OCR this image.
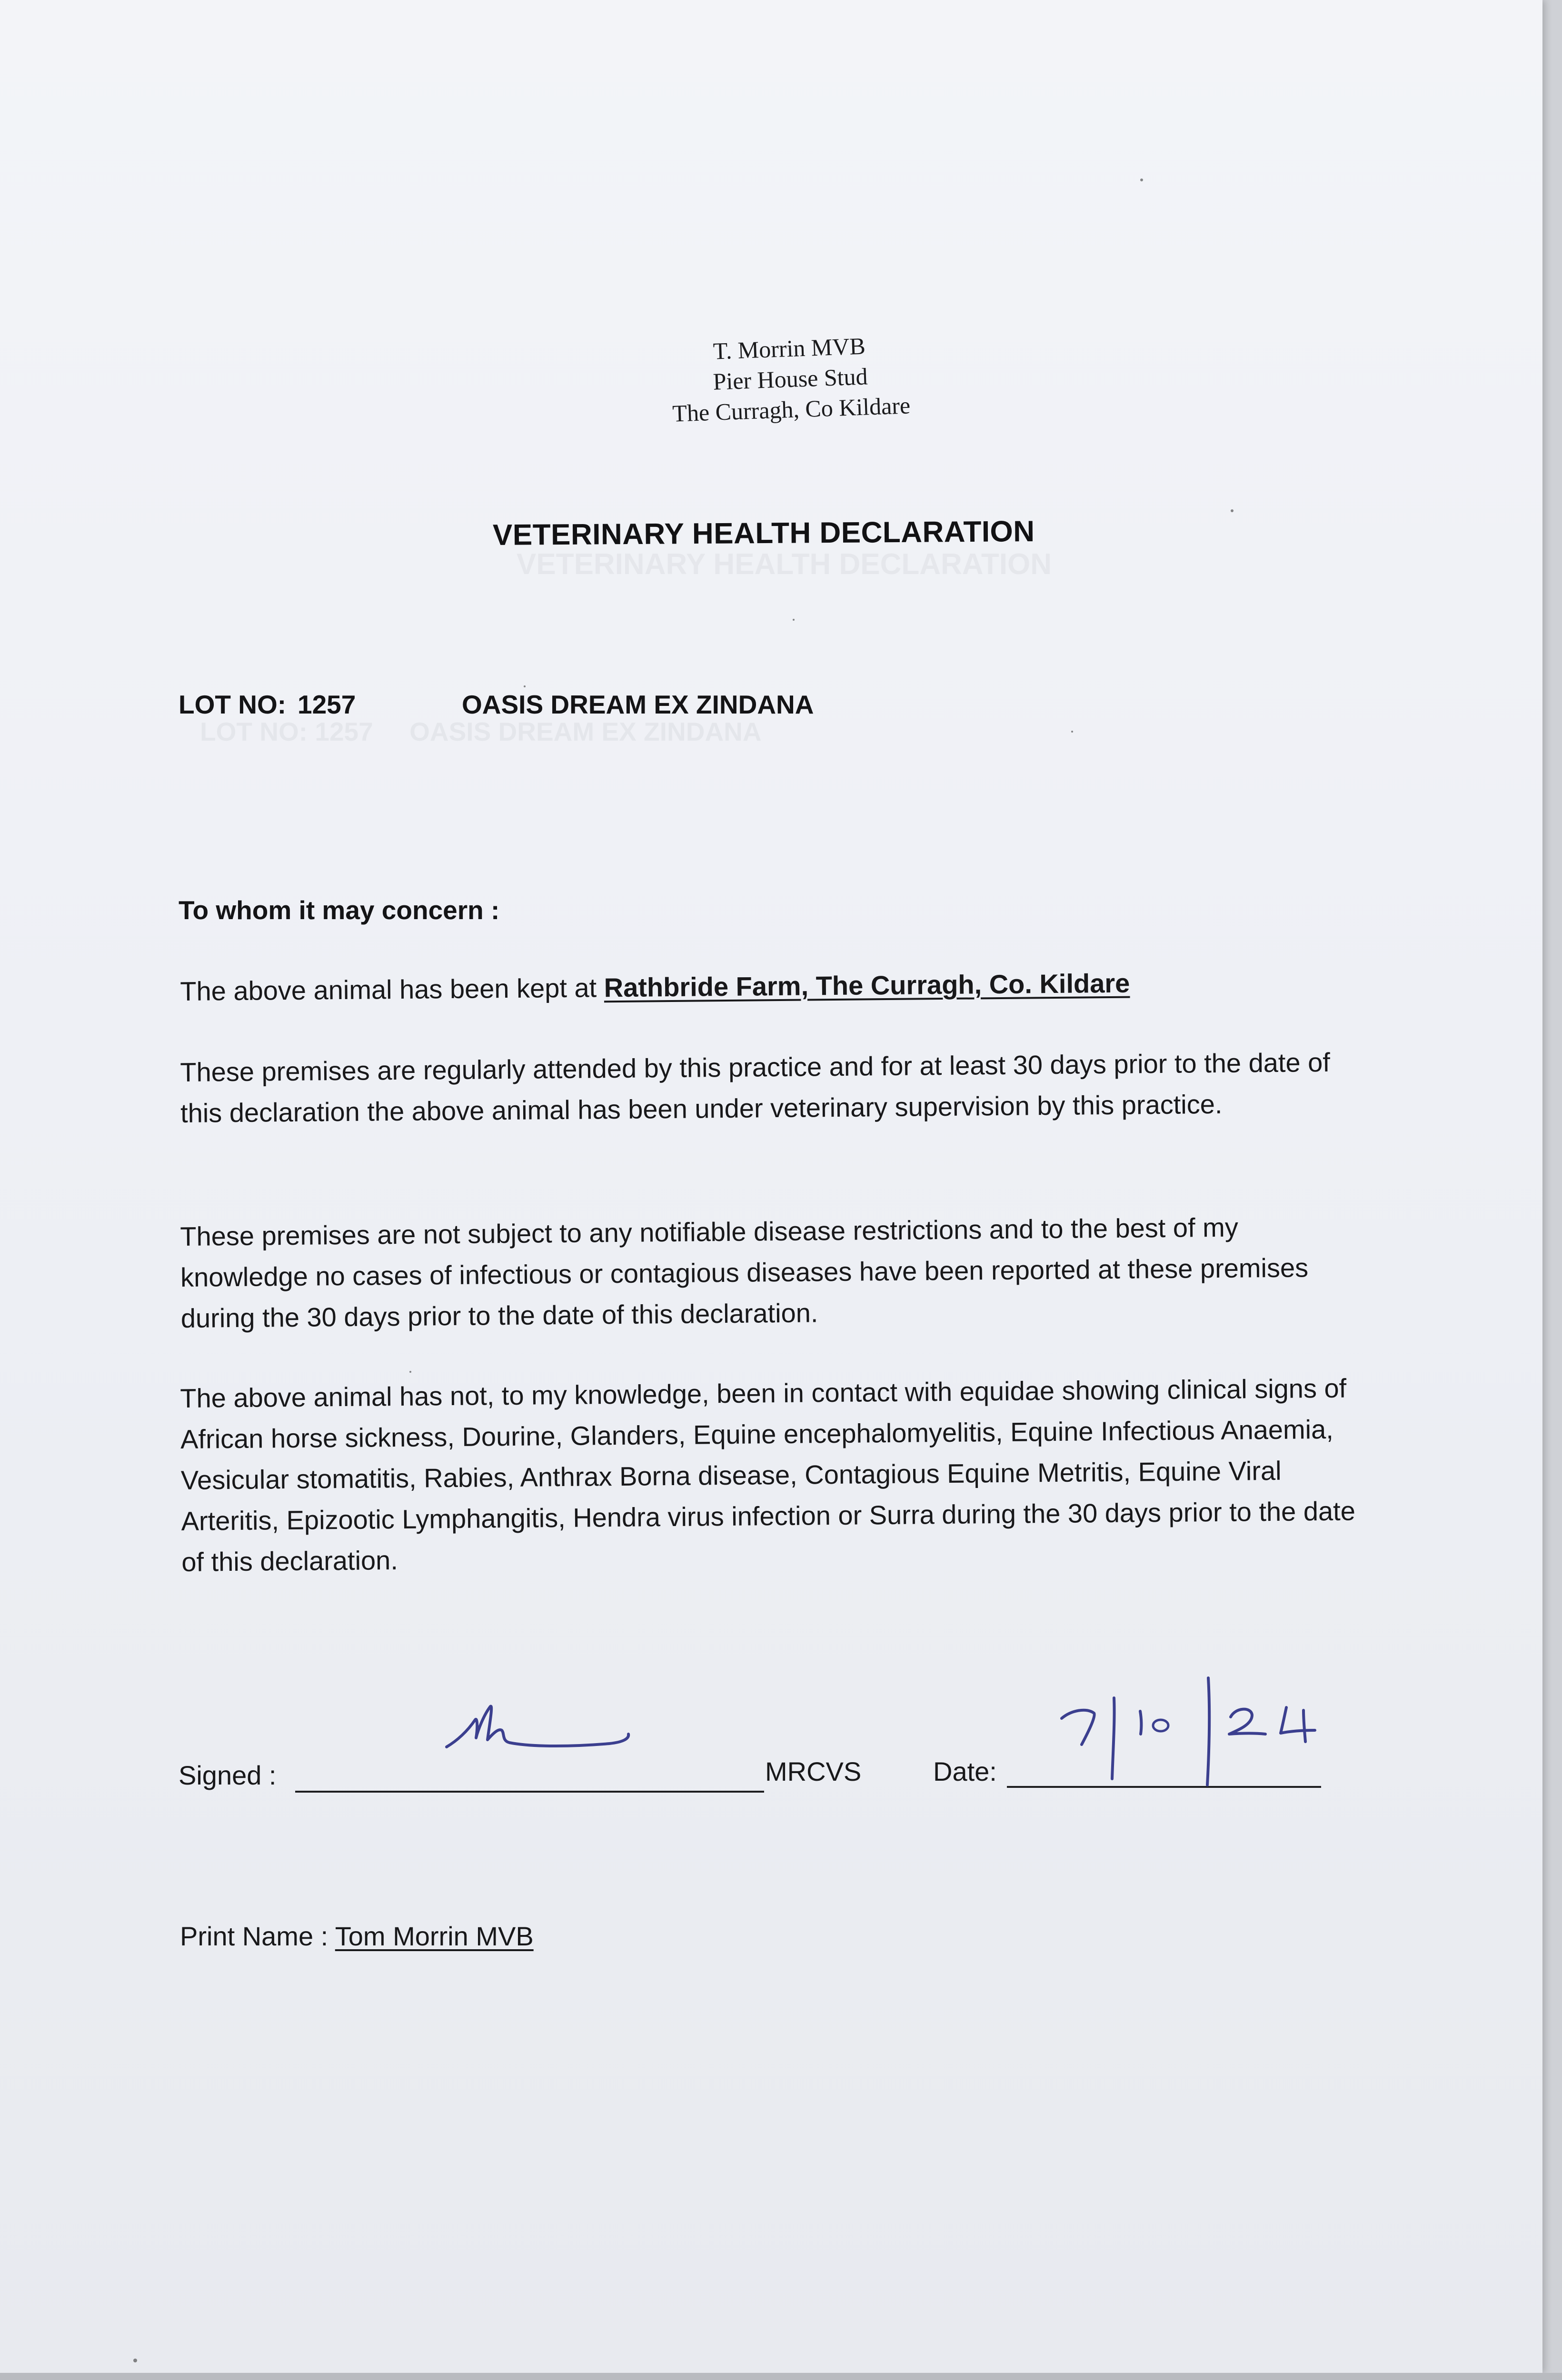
VETERINARY HEALTH DECLARATION
LOT NO: 1257     OASIS DREAM EX ZINDANA
T. Morrin MVB
Pier House Stud
The Curragh, Co Kildare
VETERINARY HEALTH DECLARATION
LOT NO: 1257	OASIS DREAM EX ZINDANA
To whom it may concern :
The above animal has been kept at Rathbride Farm, The Curragh, Co. Kildare
These premises are regularly attended by this practice and for at least 30 days prior to the date of this declaration the above animal has been under veterinary supervision by this practice.
These premises are not subject to any notifiable disease restrictions and to the best of my knowledge no cases of infectious or contagious diseases have been reported at these premises during the 30 days prior to the date of this declaration.
The above animal has not, to my knowledge, been in contact with equidae showing clinical signs of African horse sickness, Dourine, Glanders, Equine encephalomyelitis, Equine Infectious Anaemia, Vesicular stomatitis, Rabies, Anthrax Borna disease, Contagious Equine Metritis, Equine Viral Arteritis, Epizootic Lymphangitis, Hendra virus infection or Surra during the 30 days prior to the date of this declaration.
Signed :	MRCVS	Date:
Print Name : Tom Morrin MVB
